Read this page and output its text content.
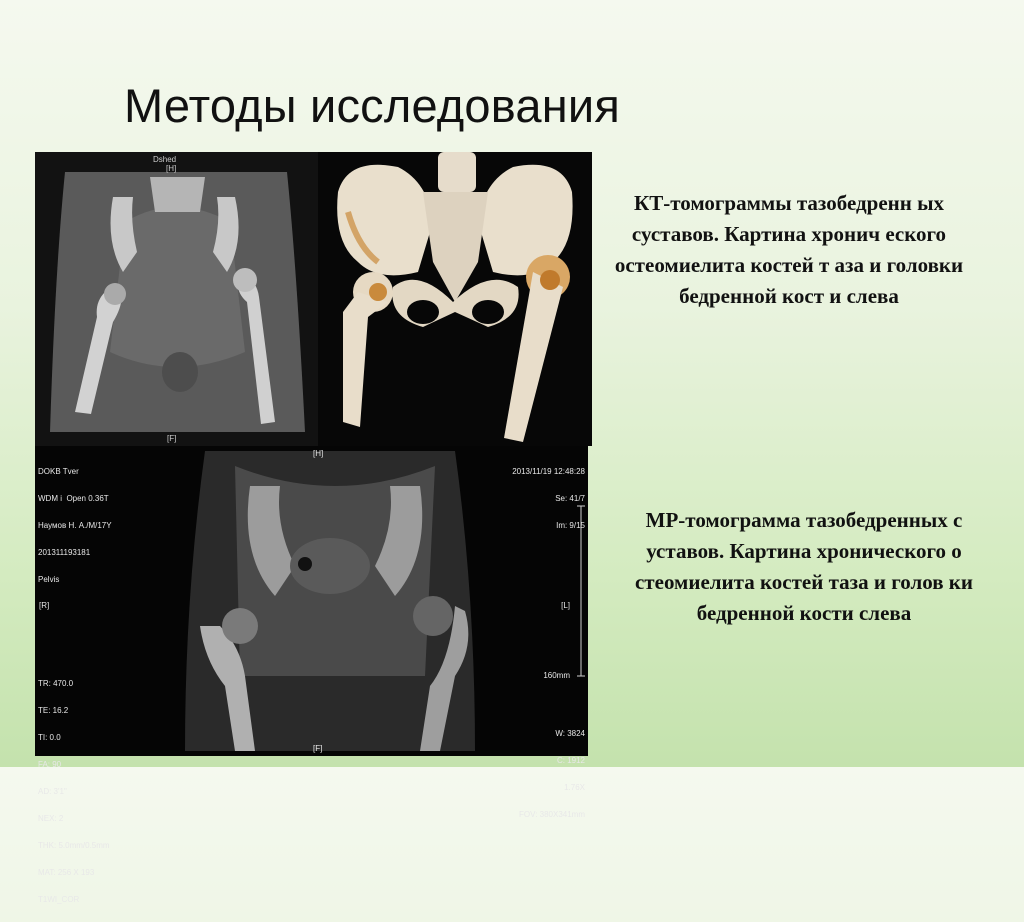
Методы исследования
Dshed
[H]
[F]

DOKB Tver

WDM i  Open 0.36T

Наумов Н. А./M/17Y

201311193181

Pelvis

2013/11/19 12:48:28

Se: 41/7

Im: 9/15

[H]
[R]	[L]
160mm

TR: 470.0

TE: 16.2

TI: 0.0

FA: 90

AD: 3'1"

NEX: 2

THK: 5.0mm/0.5mm

MAT: 256 X 193

T1WI_COR

[F]

W: 3824

C: 1912

1.76X

FOV: 380X341mm

КТ-томограммы тазобедренн ых суставов. Картина хронич еского остеомиелита костей т аза и головки бедренной кост и слева
МР-томограмма тазобедренных с уставов. Картина хронического о стеомиелита костей таза и голов ки бедренной кости слева
